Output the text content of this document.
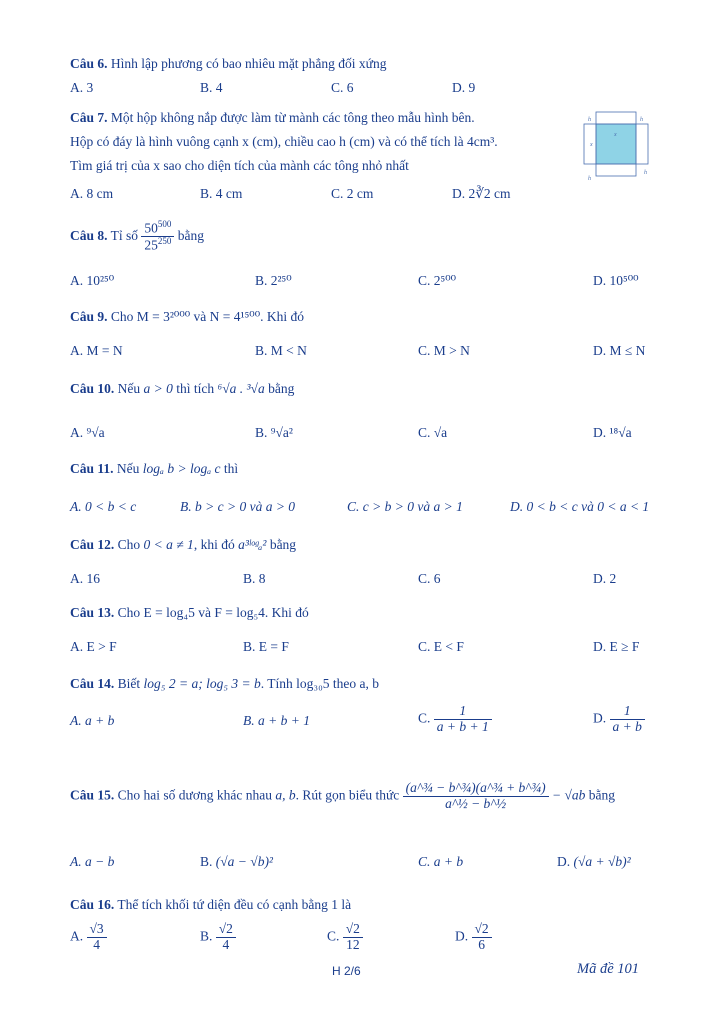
Câu 6. Hình lập phương có bao nhiêu mặt phẳng đối xứng
A. 3	B. 4	C. 6	D. 9
Câu 7. Một hộp không nắp được làm từ mành các tông theo mẫu hình bên.
Hộp có đáy là hình vuông cạnh x (cm), chiều cao h (cm) và có thể tích là 4cm³.
Tìm giá trị của x sao cho diện tích của mành các tông nhỏ nhất
A. 8 cm	B. 4 cm	C. 2 cm	D. 2∛2 cm
h	h
x
x
h
h
Câu 8. Tỉ số $\frac{50^{500}}{25^{250}}$ bằng
A. 10²⁵⁰	B. 2²⁵⁰	C. 2⁵⁰⁰	D. 10⁵⁰⁰
Câu 9. Cho M = 3²⁰⁰⁰ và N = 4¹⁵⁰⁰. Khi đó
A. M = N	B. M < N	C. M > N	D. M ≤ N
Câu 10. Nếu a > 0 thì tích ⁶√a . ³√a bằng
A. ⁹√a	B. ⁹√a²	C. √a	D. ¹⁸√a
Câu 11. Nếu logₐ b > logₐ c thì
A. 0 < b < c	B. b > c > 0 và a > 0	C. c > b > 0 và a > 1	D. 0 < b < c và 0 < a < 1
Câu 12. Cho 0 < a ≠ 1, khi đó a³ˡᵒᵍₐ² bằng
A. 16	B. 8	C. 6	D. 2
Câu 13. Cho E = log₄5 và F = log₅4. Khi đó
A. E > F	B. E = F	C. E < F	D. E ≥ F
Câu 14. Biết log₅ 2 = a; log₅ 3 = b. Tính log₃₀5 theo a, b
A. a + b	B. a + b + 1	C. $\frac{1}{a + b + 1}$	D. $\frac{1}{a + b}$
Câu 15. Cho hai số dương khác nhau a, b. Rút gọn biểu thức $\frac{\text{(a\textasciicircum{}¾ − b\textasciicircum{}¾)(a\textasciicircum{}¾ + b\textasciicircum{}¾)}}{\text{a\textasciicircum{}½ − b\textasciicircum{}½}} - √ab$ bằng
A. a − b	B. (√a − √b)²	C. a + b	D. (√a + √b)²
Câu 16. Thể tích khối tứ diện đều có cạnh bằng 1 là
A. $\frac{√3}{4}$	B. $\frac{√2}{4}$	C. $\frac{√2}{12}$	D. $\frac{√2}{6}$
H 2/6	Mã đề 101
